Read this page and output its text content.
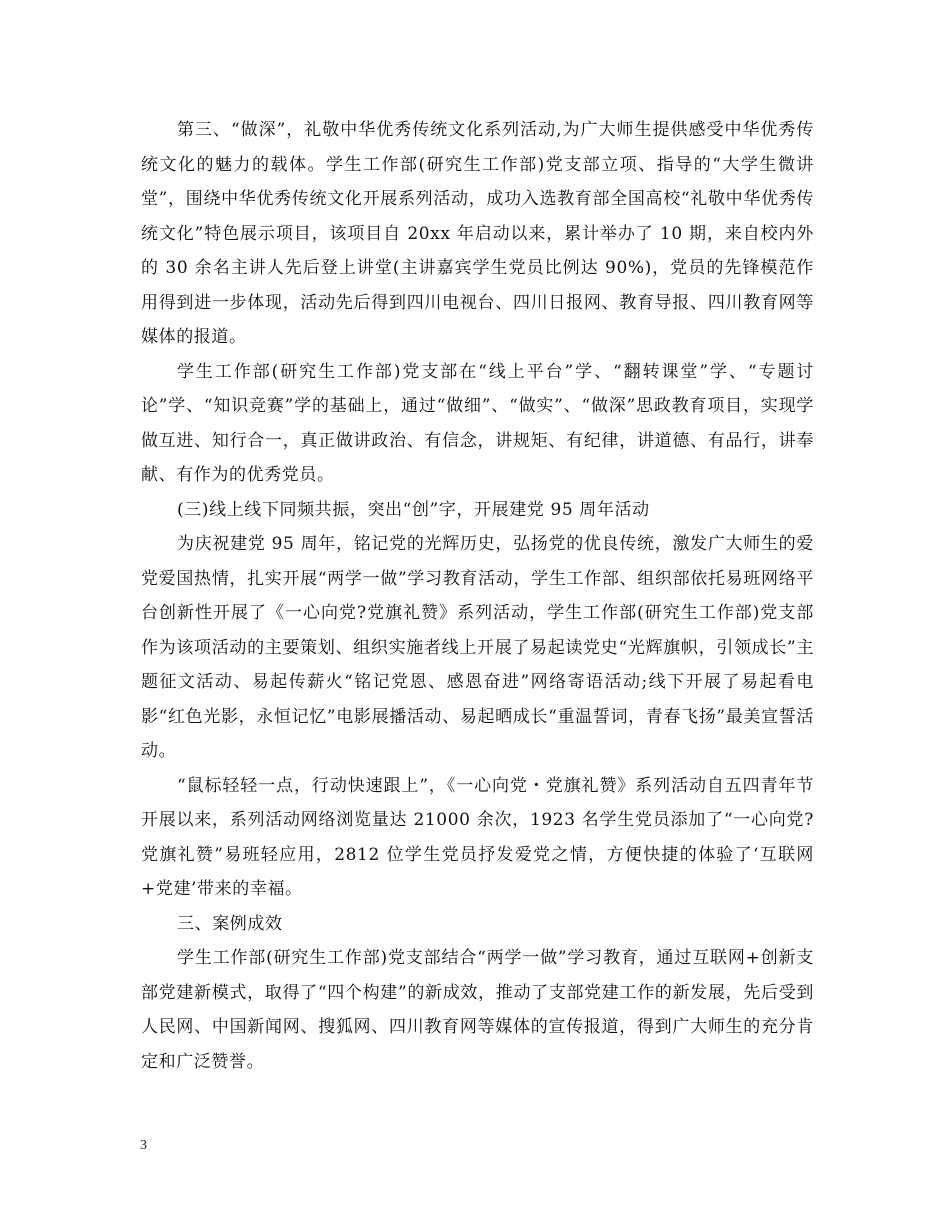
第三、“做深”，礼敬中华优秀传统文化系列活动,为广大师生提供感受中华优秀传统文化的魅力的载体。学生工作部(研究生工作部)党支部立项、指导的“大学生微讲堂”，围绕中华优秀传统文化开展系列活动，成功入选教育部全国高校“礼敬中华优秀传统文化”特色展示项目，该项目自 20xx 年启动以来，累计举办了 10 期，来自校内外的 30 余名主讲人先后登上讲堂(主讲嘉宾学生党员比例达 90%)，党员的先锋模范作用得到进一步体现，活动先后得到四川电视台、四川日报网、教育导报、四川教育网等媒体的报道。

学生工作部(研究生工作部)党支部在“线上平台”学、“翻转课堂”学、“专题讨论”学、“知识竞赛”学的基础上，通过“做细”、“做实”、“做深”思政教育项目，实现学做互进、知行合一，真正做讲政治、有信念，讲规矩、有纪律，讲道德、有品行，讲奉献、有作为的优秀党员。

(三)线上线下同频共振，突出“创”字，开展建党 95 周年活动

为庆祝建党 95 周年，铭记党的光辉历史，弘扬党的优良传统，激发广大师生的爱党爱国热情，扎实开展“两学一做”学习教育活动，学生工作部、组织部依托易班网络平台创新性开展了《一心向党?党旗礼赞》系列活动，学生工作部(研究生工作部)党支部作为该项活动的主要策划、组织实施者线上开展了易起读党史“光辉旗帜，引领成长”主题征文活动、易起传薪火“铭记党恩、感恩奋进”网络寄语活动;线下开展了易起看电影“红色光影，永恒记忆”电影展播活动、易起晒成长“重温誓词，青春飞扬”最美宣誓活动。

“鼠标轻轻一点，行动快速跟上”，《一心向党・党旗礼赞》系列活动自五四青年节开展以来，系列活动网络浏览量达 21000 余次，1923 名学生党员添加了“一心向党?党旗礼赞”易班轻应用，2812 位学生党员抒发爱党之情，方便快捷的体验了‘互联网+党建’带来的幸福。

三、案例成效

学生工作部(研究生工作部)党支部结合“两学一做”学习教育，通过互联网+创新支部党建新模式，取得了“四个构建”的新成效，推动了支部党建工作的新发展，先后受到人民网、中国新闻网、搜狐网、四川教育网等媒体的宣传报道，得到广大师生的充分肯定和广泛赞誉。

3
